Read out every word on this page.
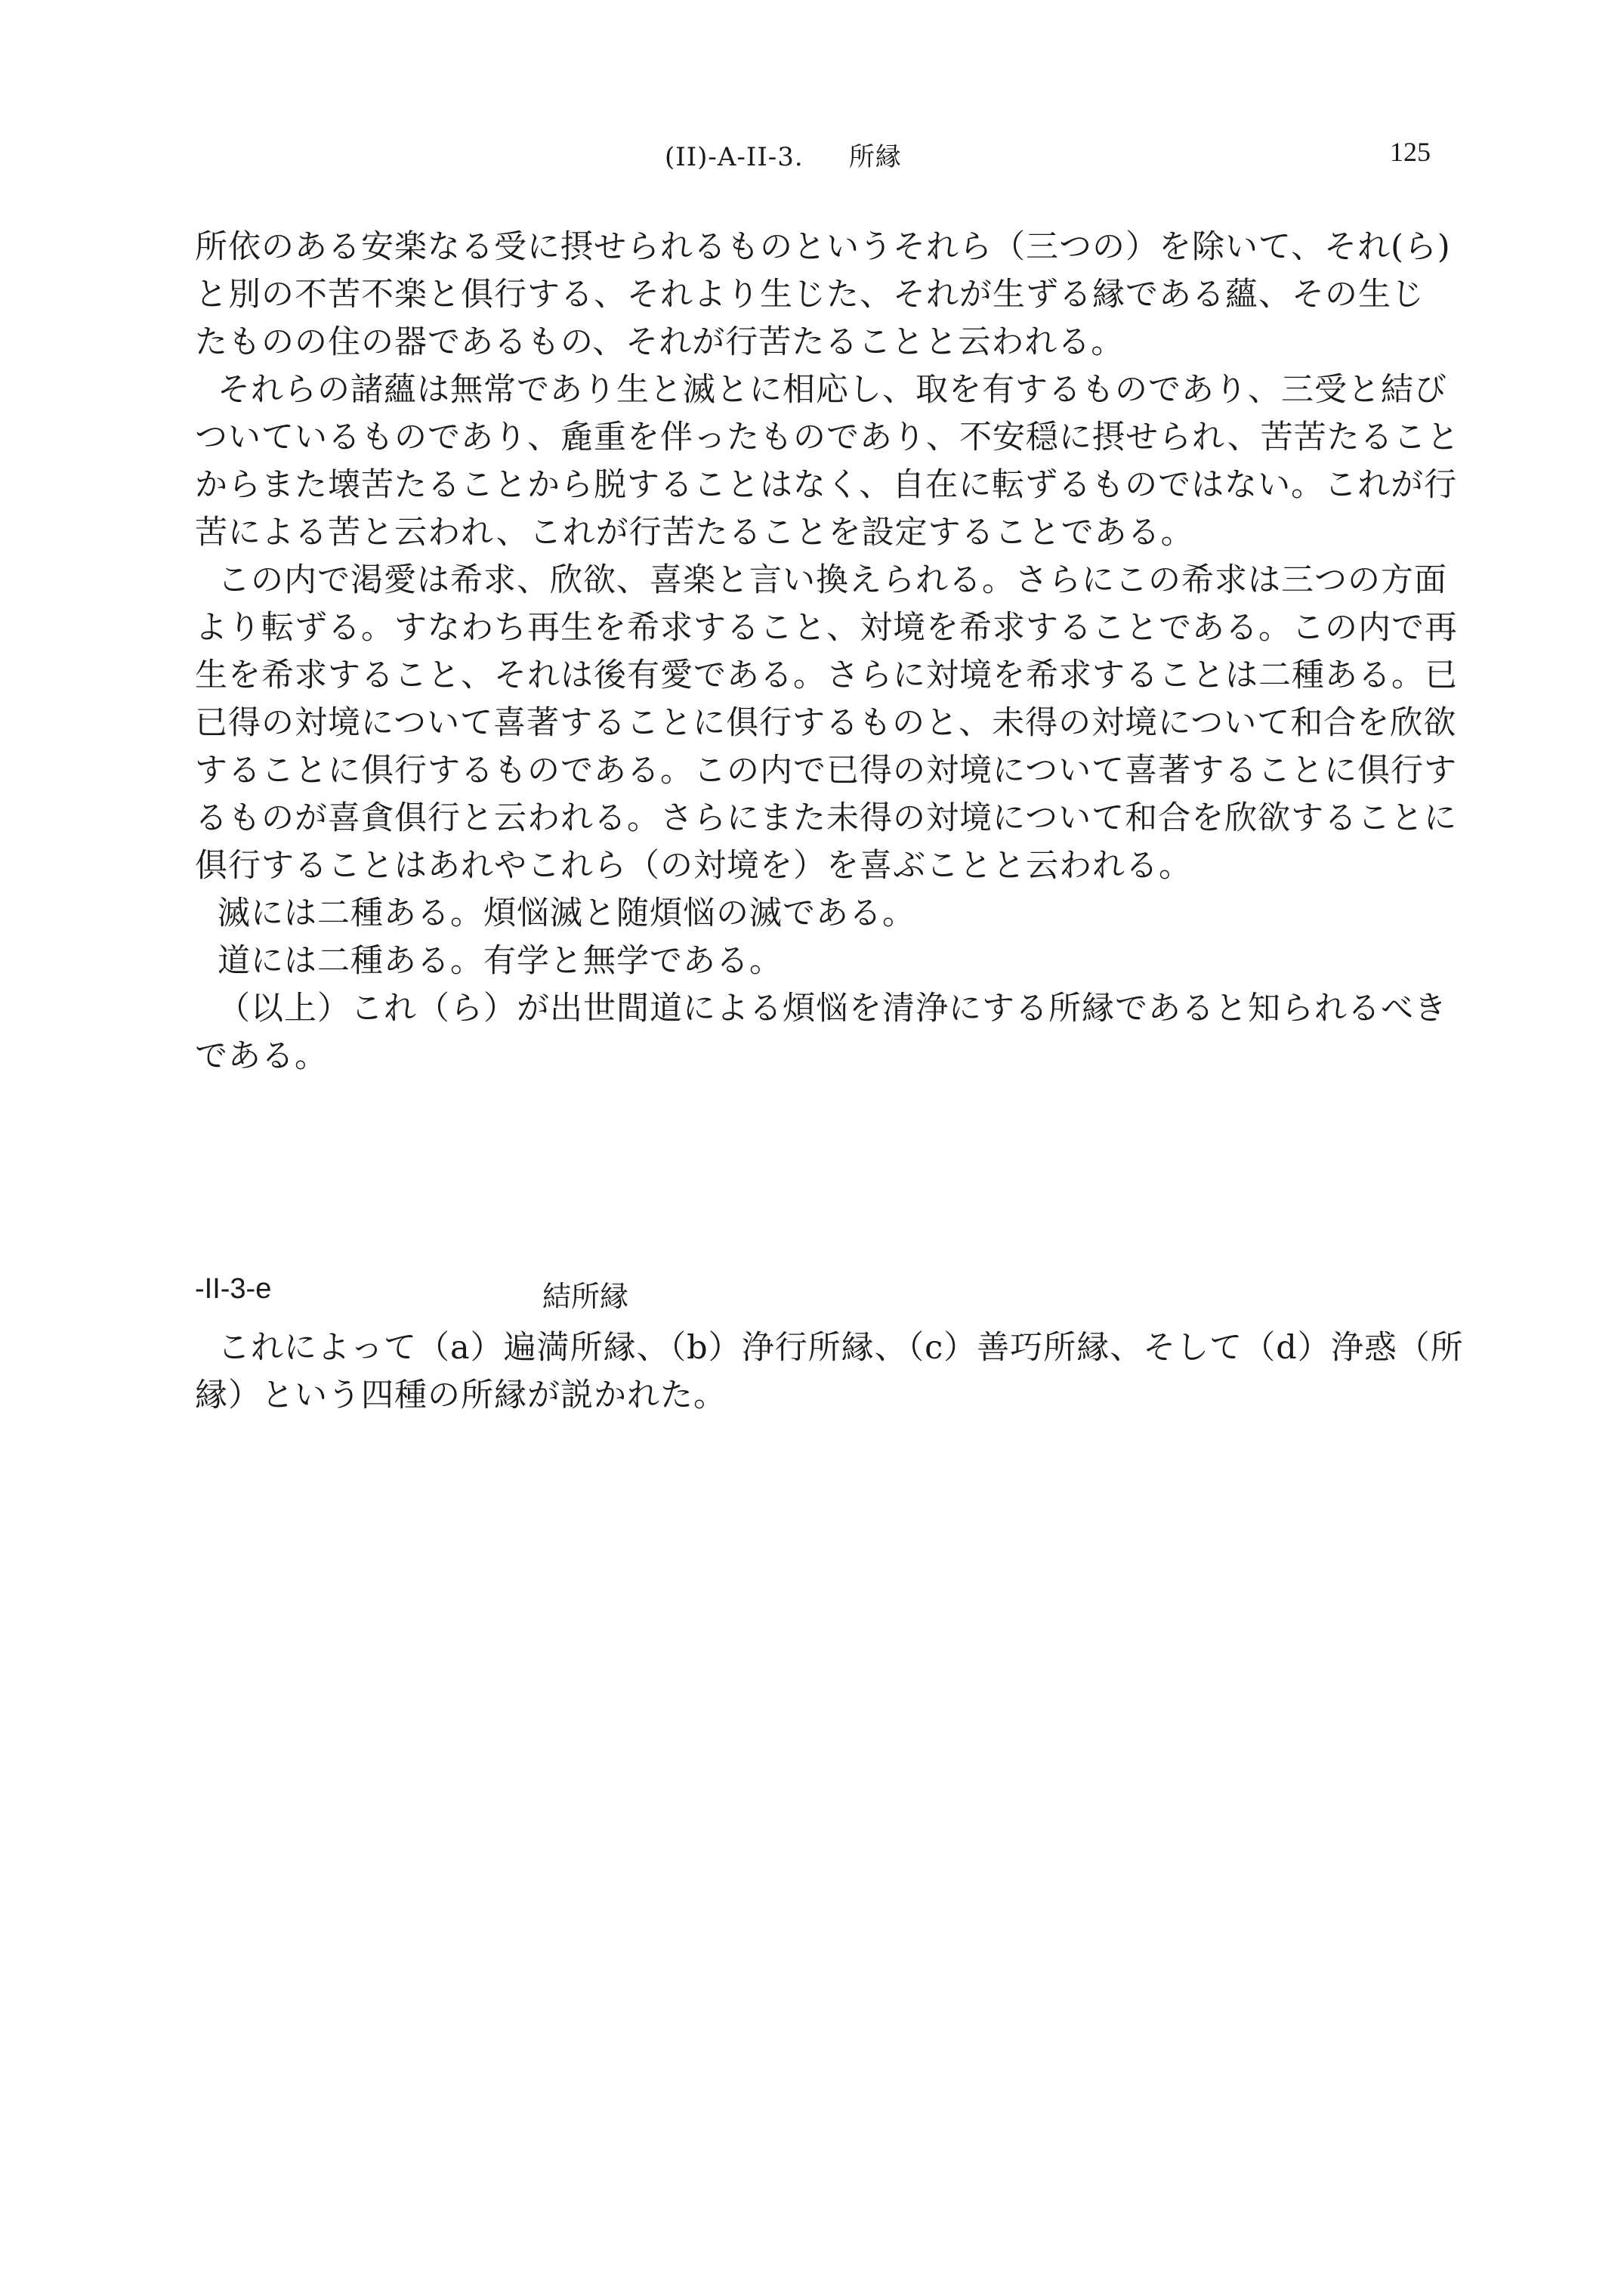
(II)-A-II-3. 所縁	125
所依のある安楽なる受に摂せられるものというそれら（三つの）を除いて、それ(ら)
と別の不苦不楽と俱行する、それより生じた、それが生ずる縁である蘊、その生じ
たものの住の器であるもの、それが行苦たることと云われる。
それらの諸蘊は無常であり生と滅とに相応し、取を有するものであり、三受と結び
ついているものであり、麁重を伴ったものであり、不安穏に摂せられ、苦苦たること
からまた壊苦たることから脱することはなく、自在に転ずるものではない。これが行
苦による苦と云われ、これが行苦たることを設定することである。
この内で渇愛は希求、欣欲、喜楽と言い換えられる。さらにこの希求は三つの方面
より転ずる。すなわち再生を希求すること、対境を希求することである。この内で再
生を希求すること、それは後有愛である。さらに対境を希求することは二種ある。已
已得の対境について喜著することに俱行するものと、未得の対境について和合を欣欲
することに俱行するものである。この内で已得の対境について喜著することに俱行す
るものが喜貪俱行と云われる。さらにまた未得の対境について和合を欣欲することに
俱行することはあれやこれら（の対境を）を喜ぶことと云われる。
滅には二種ある。煩悩滅と随煩悩の滅である。
道には二種ある。有学と無学である。
（以上）これ（ら）が出世間道による煩悩を清浄にする所縁であると知られるべき
である。
-II-3-e	結所縁
これによって（a）遍満所縁、（b）浄行所縁、（c）善巧所縁、そして（d）浄惑（所
縁）という四種の所縁が説かれた。
